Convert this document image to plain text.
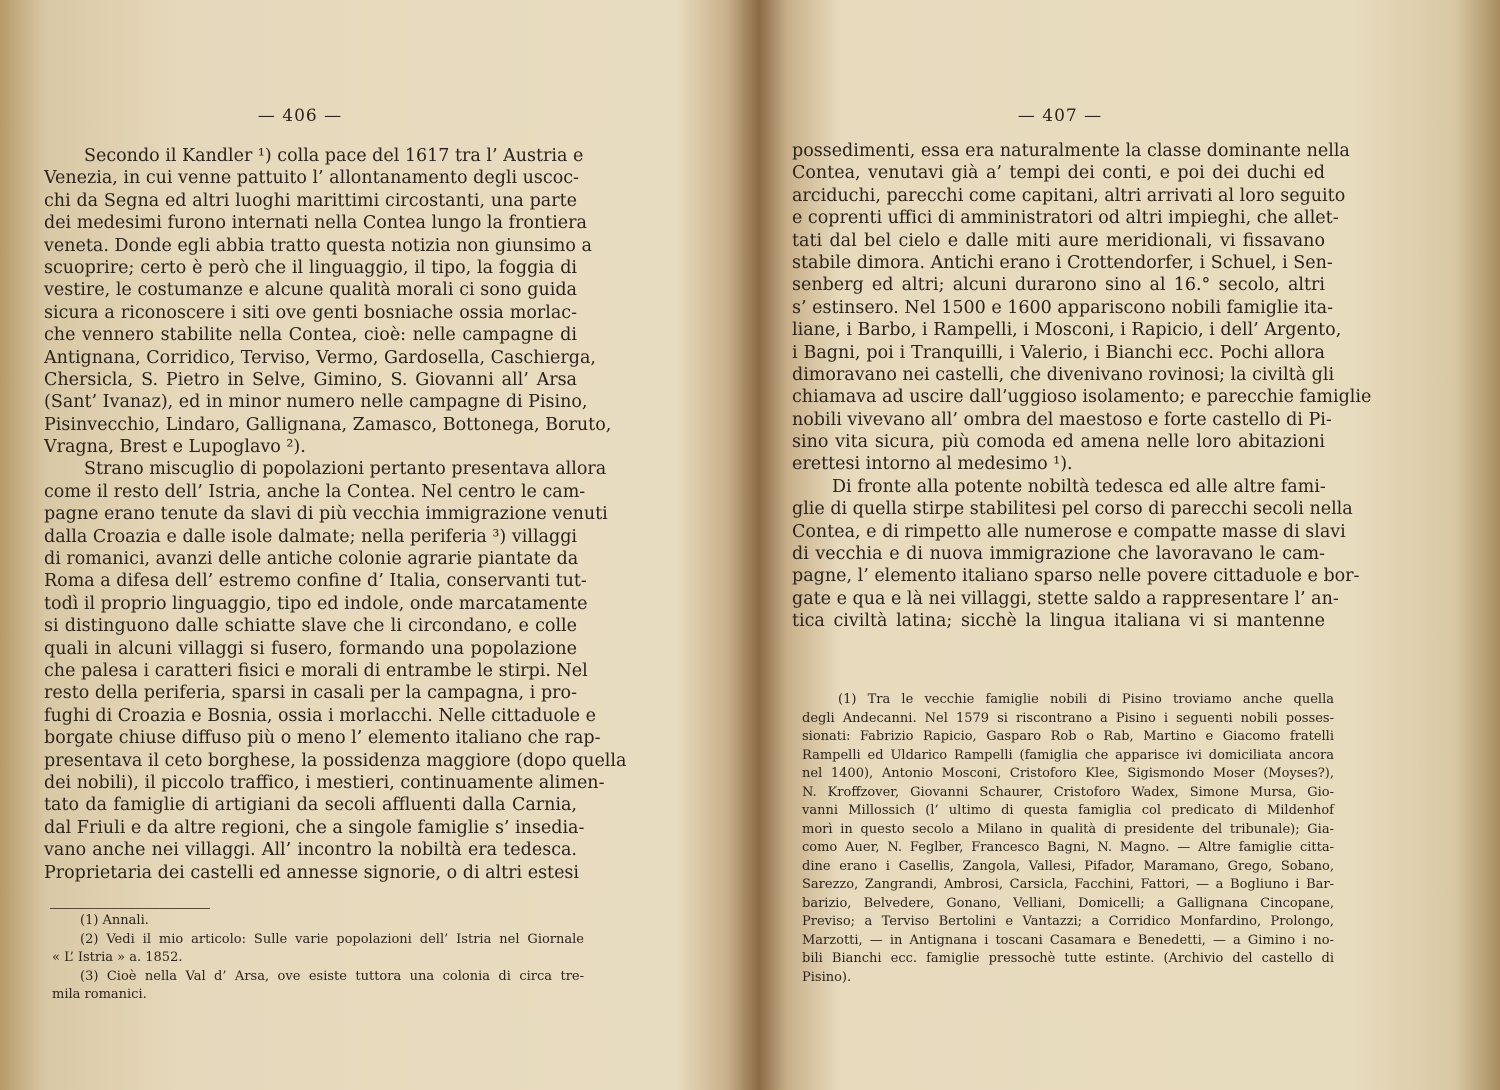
— 406 —
Secondo il Kandler ¹) colla pace del 1617 tra l’ Austria e
Venezia, in cui venne pattuito l’ allontanamento degli uscoc-
chi da Segna ed altri luoghi marittimi circostanti, una parte
dei medesimi furono internati nella Contea lungo la frontiera
veneta. Donde egli abbia tratto questa notizia non giunsimo a
scuoprire; certo è però che il linguaggio, il tipo, la foggia di
vestire, le costumanze e alcune qualità morali ci sono guida
sicura a riconoscere i siti ove genti bosniache ossia morlac-
che vennero stabilite nella Contea, cioè: nelle campagne di
Antignana, Corridico, Terviso, Vermo, Gardosella, Caschierga,
Chersicla, S. Pietro in Selve, Gimino, S. Giovanni all’ Arsa
(Sant’ Ivanaz), ed in minor numero nelle campagne di Pisino,
Pisinvecchio, Lindaro, Gallignana, Zamasco, Bottonega, Boruto,
Vragna, Brest e Lupoglavo ²).
Strano miscuglio di popolazioni pertanto presentava allora
come il resto dell’ Istria, anche la Contea. Nel centro le cam-
pagne erano tenute da slavi di più vecchia immigrazione venuti
dalla Croazia e dalle isole dalmate; nella periferia ³) villaggi
di romanici, avanzi delle antiche colonie agrarie piantate da
Roma a difesa dell’ estremo confine d’ Italia, conservanti tut-
todì il proprio linguaggio, tipo ed indole, onde marcatamente
si distinguono dalle schiatte slave che li circondano, e colle
quali in alcuni villaggi si fusero, formando una popolazione
che palesa i caratteri fisici e morali di entrambe le stirpi. Nel
resto della periferia, sparsi in casali per la campagna, i pro-
fughi di Croazia e Bosnia, ossia i morlacchi. Nelle cittaduole e
borgate chiuse diffuso più o meno l’ elemento italiano che rap-
presentava il ceto borghese, la possidenza maggiore (dopo quella
dei nobili), il piccolo traffico, i mestieri, continuamente alimen-
tato da famiglie di artigiani da secoli affluenti dalla Carnia,
dal Friuli e da altre regioni, che a singole famiglie s’ insedia-
vano anche nei villaggi. All’ incontro la nobiltà era tedesca.
Proprietaria dei castelli ed annesse signorie, o di altri estesi
(1) Annali.
(2) Vedi il mio articolo: Sulle varie popolazioni dell’ Istria nel Giornale
« L’ Istria » a. 1852.
(3) Cioè nella Val d’ Arsa, ove esiste tuttora una colonia di circa tre-
mila romanici.
— 407 —
possedimenti, essa era naturalmente la classe dominante nella
Contea, venutavi già a’ tempi dei conti, e poi dei duchi ed
arciduchi, parecchi come capitani, altri arrivati al loro seguito
e coprenti uffici di amministratori od altri impieghi, che allet-
tati dal bel cielo e dalle miti aure meridionali, vi fissavano
stabile dimora. Antichi erano i Crottendorfer, i Schuel, i Sen-
senberg ed altri; alcuni durarono sino al 16.° secolo, altri
s’ estinsero. Nel 1500 e 1600 appariscono nobili famiglie ita-
liane, i Barbo, i Rampelli, i Mosconi, i Rapicio, i dell’ Argento,
i Bagni, poi i Tranquilli, i Valerio, i Bianchi ecc. Pochi allora
dimoravano nei castelli, che divenivano rovinosi; la civiltà gli
chiamava ad uscire dall’uggioso isolamento; e parecchie famiglie
nobili vivevano all’ ombra del maestoso e forte castello di Pi-
sino vita sicura, più comoda ed amena nelle loro abitazioni
erettesi intorno al medesimo ¹).
Di fronte alla potente nobiltà tedesca ed alle altre fami-
glie di quella stirpe stabilitesi pel corso di parecchi secoli nella
Contea, e di rimpetto alle numerose e compatte masse di slavi
di vecchia e di nuova immigrazione che lavoravano le cam-
pagne, l’ elemento italiano sparso nelle povere cittaduole e bor-
gate e qua e là nei villaggi, stette saldo a rappresentare l’ an-
tica civiltà latina; sicchè la lingua italiana vi si mantenne
(1) Tra le vecchie famiglie nobili di Pisino troviamo anche quella
degli Andecanni. Nel 1579 si riscontrano a Pisino i seguenti nobili posses-
sionati: Fabrizio Rapicio, Gasparo Rob o Rab, Martino e Giacomo fratelli
Rampelli ed Uldarico Rampelli (famiglia che apparisce ivi domiciliata ancora
nel 1400), Antonio Mosconi, Cristoforo Klee, Sigismondo Moser (Moyses?),
N. Kroffzover, Giovanni Schaurer, Cristoforo Wadex, Simone Mursa, Gio-
vanni Millossich (l’ ultimo di questa famiglia col predicato di Mildenhof
morì in questo secolo a Milano in qualità di presidente del tribunale); Gia-
como Auer, N. Feglber, Francesco Bagni, N. Magno. — Altre famiglie citta-
dine erano i Casellis, Zangola, Vallesi, Pifador, Maramano, Grego, Sobano,
Sarezzo, Zangrandi, Ambrosi, Carsicla, Facchini, Fattori, — a Bogliuno i Bar-
barizio, Belvedere, Gonano, Velliani, Domicelli; a Gallignana Cincopane,
Previso; a Terviso Bertolini e Vantazzi; a Corridico Monfardino, Prolongo,
Marzotti, — in Antignana i toscani Casamara e Benedetti, — a Gimino i no-
bili Bianchi ecc. famiglie pressochè tutte estinte. (Archivio del castello di
Pisino).
